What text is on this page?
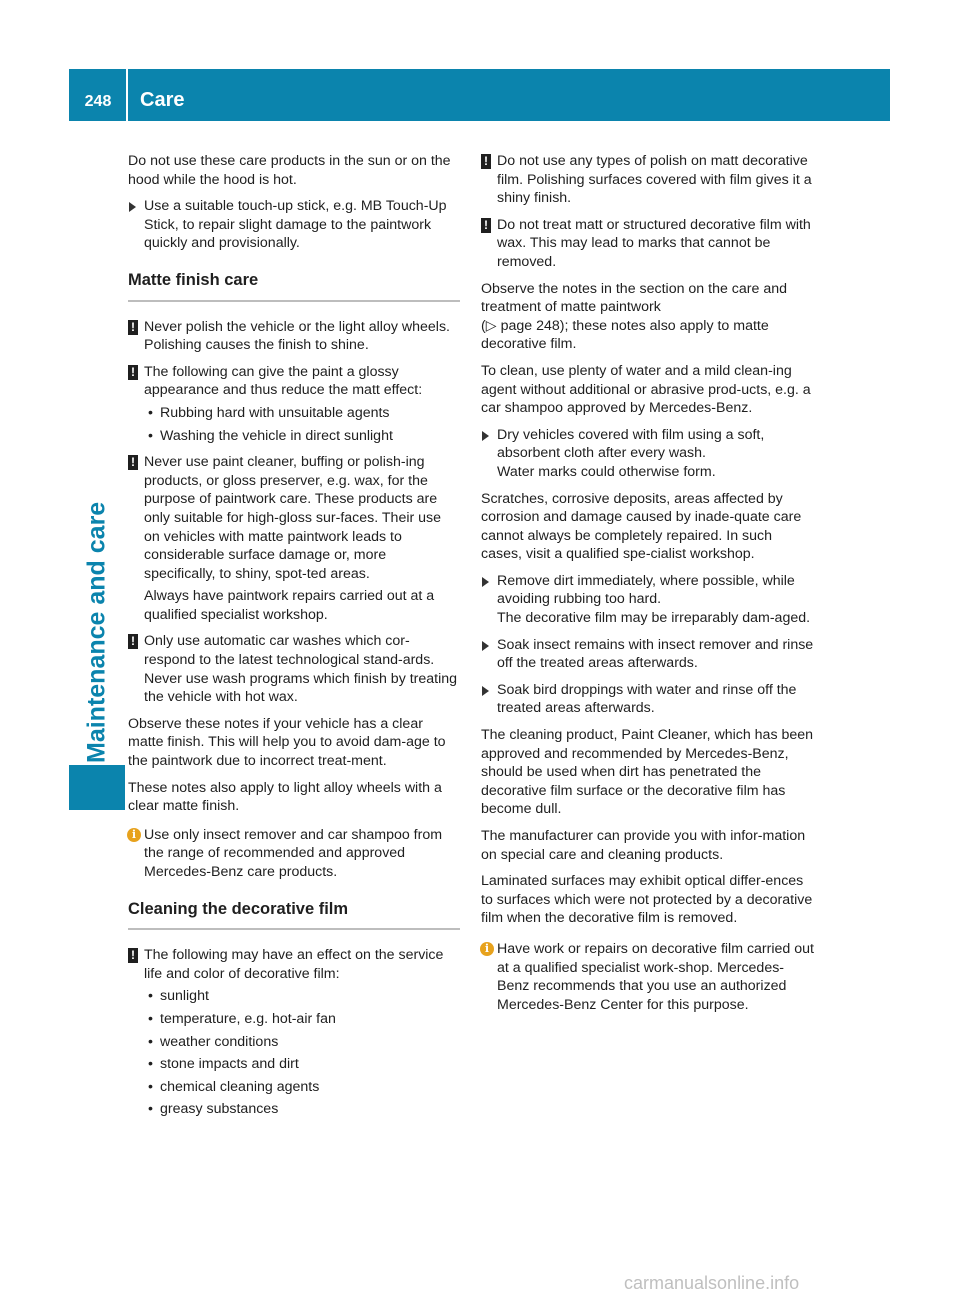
248	Care
Maintenance and care

Do not use these care products in the sun or on the hood while the hood is hot.

Use a suitable touch-up stick, e.g. MB Touch-Up Stick, to repair slight damage to the paintwork quickly and provisionally.
Matte finish care
! Never polish the vehicle or the light alloy wheels. Polishing causes the finish to shine.
! The following can give the paint a glossy appearance and thus reduce the matt effect:
• Rubbing hard with unsuitable agents
• Washing the vehicle in direct sunlight
! Never use paint cleaner, buffing or polish-ing products, or gloss preserver, e.g. wax, for the purpose of paintwork care. These products are only suitable for high-gloss sur-faces. Their use on vehicles with matte paintwork leads to considerable surface damage or, more specifically, to shiny, spot-ted areas.
Always have paintwork repairs carried out at a qualified specialist workshop.
! Only use automatic car washes which cor-respond to the latest technological stand-ards. Never use wash programs which finish by treating the vehicle with hot wax.

Observe these notes if your vehicle has a clear matte finish. This will help you to avoid dam-age to the paintwork due to incorrect treat-ment.

These notes also apply to light alloy wheels with a clear matte finish.

i Use only insect remover and car shampoo from the range of recommended and approved Mercedes-Benz care products.
Cleaning the decorative film
! The following may have an effect on the service life and color of decorative film:
• sunlight
• temperature, e.g. hot-air fan
• weather conditions
• stone impacts and dirt
• chemical cleaning agents
• greasy substances
! Do not use any types of polish on matt decorative film. Polishing surfaces covered with film gives it a shiny finish.
! Do not treat matt or structured decorative film with wax. This may lead to marks that cannot be removed.

Observe the notes in the section on the care and treatment of matte paintwork
(▷ page 248); these notes also apply to matte decorative film.

To clean, use plenty of water and a mild clean-ing agent without additional or abrasive prod-ucts, e.g. a car shampoo approved by Mercedes-Benz.

Dry vehicles covered with film using a soft, absorbent cloth after every wash.
Water marks could otherwise form.

Scratches, corrosive deposits, areas affected by corrosion and damage caused by inade-quate care cannot always be completely repaired. In such cases, visit a qualified spe-cialist workshop.

Remove dirt immediately, where possible, while avoiding rubbing too hard.
The decorative film may be irreparably dam-aged.
Soak insect remains with insect remover and rinse off the treated areas afterwards.
Soak bird droppings with water and rinse off the treated areas afterwards.

The cleaning product, Paint Cleaner, which has been approved and recommended by Mercedes-Benz, should be used when dirt has penetrated the decorative film surface or the decorative film has become dull.

The manufacturer can provide you with infor-mation on special care and cleaning products.

Laminated surfaces may exhibit optical differ-ences to surfaces which were not protected by a decorative film when the decorative film is removed.

i Have work or repairs on decorative film carried out at a qualified specialist work-shop. Mercedes-Benz recommends that you use an authorized Mercedes-Benz Center for this purpose.
carmanualsonline.info
